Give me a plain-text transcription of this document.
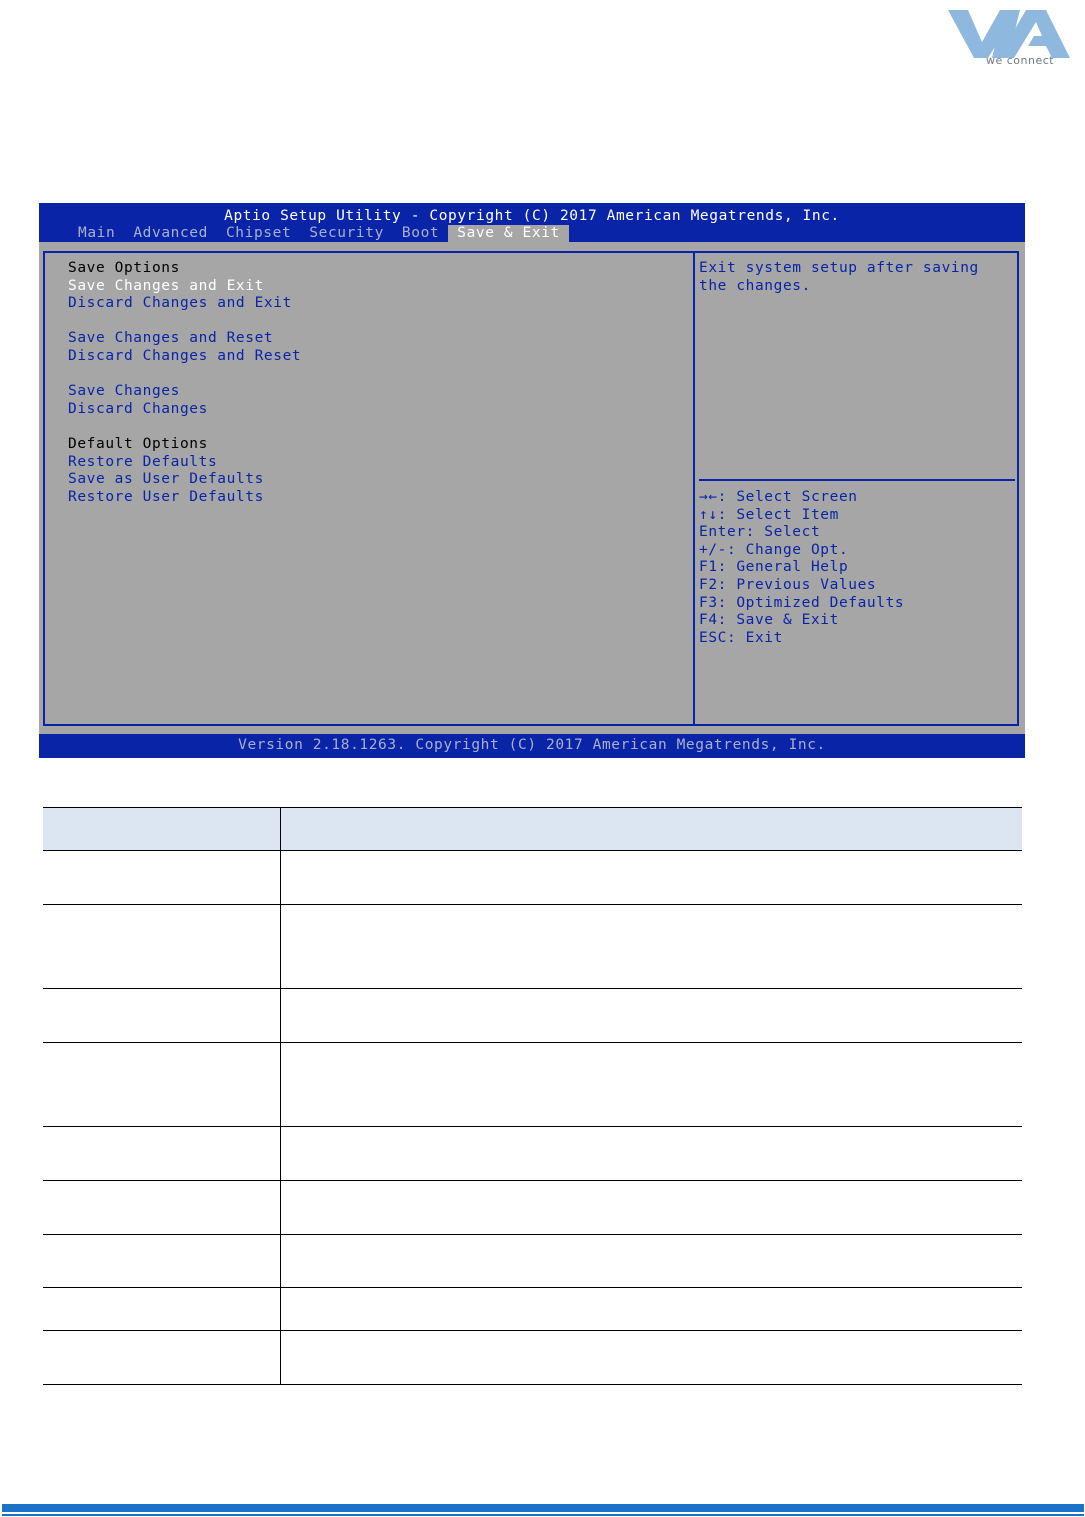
we connect
Aptio Setup Utility - Copyright (C) 2017 American Megatrends, Inc.
Main	Advanced	Chipset	Security	Boot	Save & Exit
Save Options
Save Changes and Exit
Discard Changes and Exit
Save Changes and Reset
Discard Changes and Reset
Save Changes
Discard Changes
Default Options
Restore Defaults
Save as User Defaults
Restore User Defaults
Exit system setup after saving
the changes.
→←: Select Screen
↑↓: Select Item
Enter: Select
+/-: Change Opt.
F1: General Help
F2: Previous Values
F3: Optimized Defaults
F4: Save & Exit
ESC: Exit
Version 2.18.1263. Copyright (C) 2017 American Megatrends, Inc.
